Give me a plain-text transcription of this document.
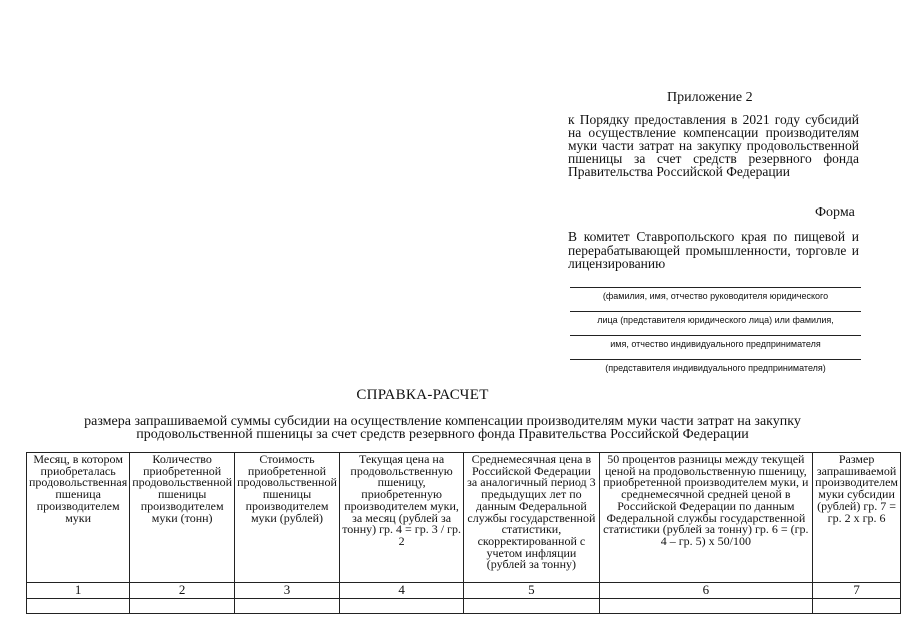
Приложение 2
к Порядку предоставления в 2021 году субсидий на осуществление компенсации производителям муки части затрат на закупку продовольственной пшеницы за счет средств резервного фонда Правительства Российской Федерации
Форма
В комитет Ставропольского края по пищевой и перерабатывающей промышленности, торговле и лицензированию
(фамилия, имя, отчество руководителя юридического
лица (представителя юридического лица) или фамилия,
имя, отчество индивидуального предпринимателя
(представителя индивидуального предпринимателя)
СПРАВКА-РАСЧЕТ
размера запрашиваемой суммы субсидии на осуществление компенсации производителям муки части затрат на закупку продовольственной пшеницы за счет средств резервного фонда Правительства Российской Федерации
Месяц, в котором приобреталась продовольственная пшеница производителем муки	Количество приобретенной продовольственной пшеницы производителем муки (тонн)	Стоимость приобретенной продовольственной пшеницы производителем муки (рублей)	Текущая цена на продовольственную пшеницу, приобретенную производителем муки, за месяц (рублей за тонну) гр. 4 = гр. 3 / гр. 2	Среднемесячная цена в Российской Федерации за аналогичный период 3 предыдущих лет по данным Федеральной службы государственной статистики, скорректированной с учетом инфляции (рублей за тонну)	50 процентов разницы между текущей ценой на продовольственную пшеницу, приобретенной производителем муки, и среднемесячной средней ценой в Российской Федерации по данным Федеральной службы государственной статистики (рублей за тонну) гр. 6 = (гр. 4 – гр. 5) x 50/100	Размер запрашиваемой производителем муки субсидии (рублей) гр. 7 = гр. 2 x гр. 6
1	2	3	4	5	6	7
